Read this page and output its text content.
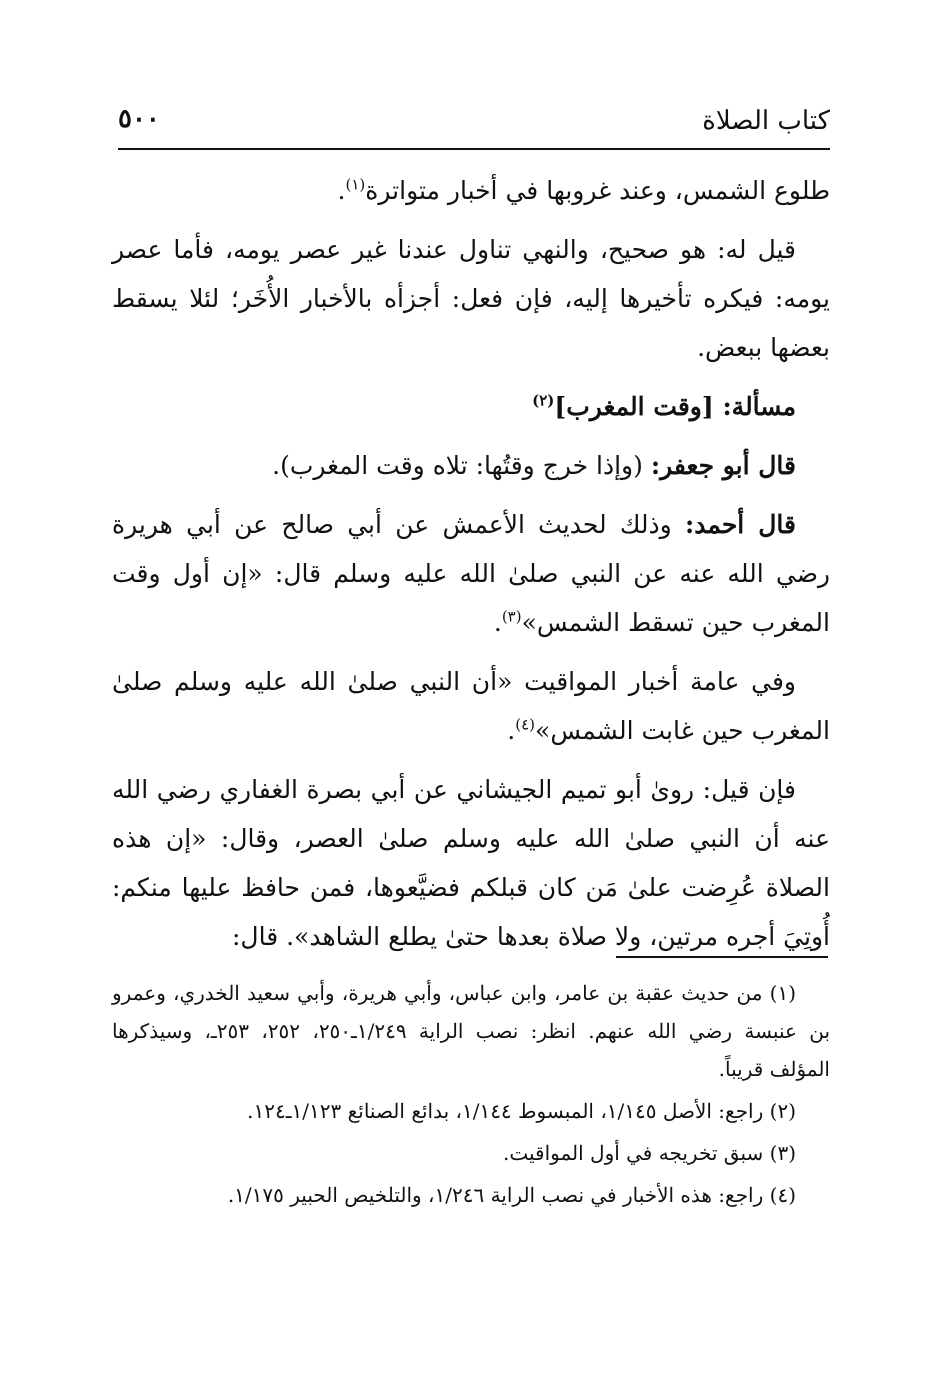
٥٠٠	كتاب الصلاة

طلوع الشمس، وعند غروبها في أخبار متواترة$^{(١)}$.

قيل له: هو صحيح، والنهي تناول عندنا غير عصر يومه، فأما عصر يومه: فيكره تأخيرها إليه، فإن فعل: أجزأه بالأخبار الأُخَر؛ لئلا يسقط بعضها ببعض.

مسألة: [وقت المغرب]$^{(٢)}$

قال أبو جعفر: (وإذا خرج وقتُها: تلاه وقت المغرب).

قال أحمد: وذلك لحديث الأعمش عن أبي صالح عن أبي هريرة رضي الله عنه عن النبي صلىٰ الله عليه وسلم قال: «إن أول وقت المغرب حين تسقط الشمس»$^{(٣)}$.

وفي عامة أخبار المواقيت «أن النبي صلىٰ الله عليه وسلم صلىٰ المغرب حين غابت الشمس»$^{(٤)}$.

فإن قيل: روىٰ أبو تميم الجيشاني عن أبي بصرة الغفاري رضي الله عنه أن النبي صلىٰ الله عليه وسلم صلىٰ العصر، وقال: «إن هذه الصلاة عُرِضت علىٰ مَن كان قبلكم فضيَّعوها، فمن حافظ عليها منكم: أُوتِيَ أجره مرتين، ولا صلاة بعدها حتىٰ يطلع الشاهد». قال:

(١) من حديث عقبة بن عامر، وابن عباس، وأبي هريرة، وأبي سعيد الخدري، وعمرو بن عنبسة رضي الله عنهم. انظر: نصب الراية ١/٢٤٩ـ٢٥٠، ٢٥٢، ٢٥٣ـ، وسيذكرها المؤلف قريباً.

(٢) راجع: الأصل ١/١٤٥، المبسوط ١/١٤٤، بدائع الصنائع ١/١٢٣ـ١٢٤.

(٣) سبق تخريجه في أول المواقيت.

(٤) راجع: هذه الأخبار في نصب الراية ١/٢٤٦، والتلخيص الحبير ١/١٧٥.
